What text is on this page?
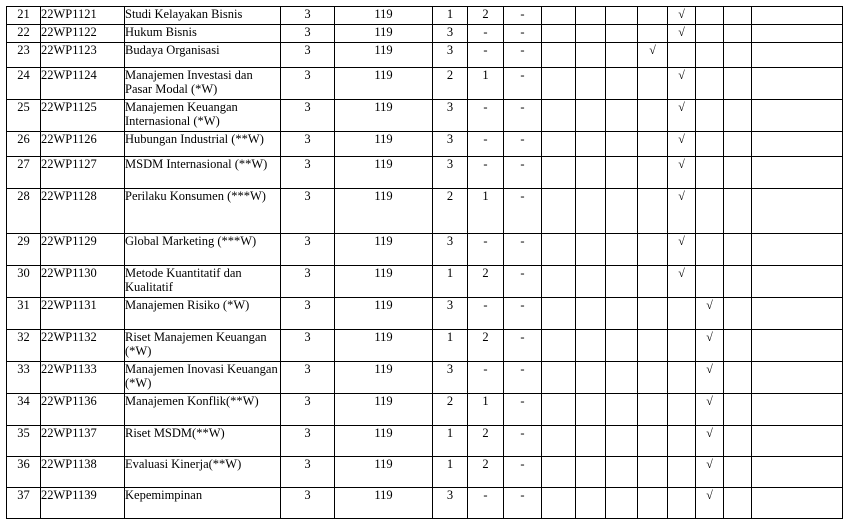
21	22WP1121	Studi Kelayakan Bisnis	3	119	1	2	-					√			
22	22WP1122	Hukum Bisnis	3	119	3	-	-					√			
23	22WP1123	Budaya Organisasi	3	119	3	-	-				√				
24	22WP1124	Manajemen Investasi dan Pasar Modal (*W)	3	119	2	1	-					√			
25	22WP1125	Manajemen Keuangan Internasional (*W)	3	119	3	-	-					√			
26	22WP1126	Hubungan Industrial (**W)	3	119	3	-	-					√			
27	22WP1127	MSDM Internasional (**W)	3	119	3	-	-					√			
28	22WP1128	Perilaku Konsumen (***W)	3	119	2	1	-					√			
29	22WP1129	Global Marketing (***W)	3	119	3	-	-					√			
30	22WP1130	Metode Kuantitatif dan Kualitatif	3	119	1	2	-					√			
31	22WP1131	Manajemen Risiko (*W)	3	119	3	-	-						√		
32	22WP1132	Riset Manajemen Keuangan (*W)	3	119	1	2	-						√		
33	22WP1133	Manajemen Inovasi Keuangan (*W)	3	119	3	-	-						√		
34	22WP1136	Manajemen Konflik(**W)	3	119	2	1	-						√		
35	22WP1137	Riset MSDM(**W)	3	119	1	2	-						√		
36	22WP1138	Evaluasi Kinerja(**W)	3	119	1	2	-						√		
37	22WP1139	Kepemimpinan	3	119	3	-	-						√		
